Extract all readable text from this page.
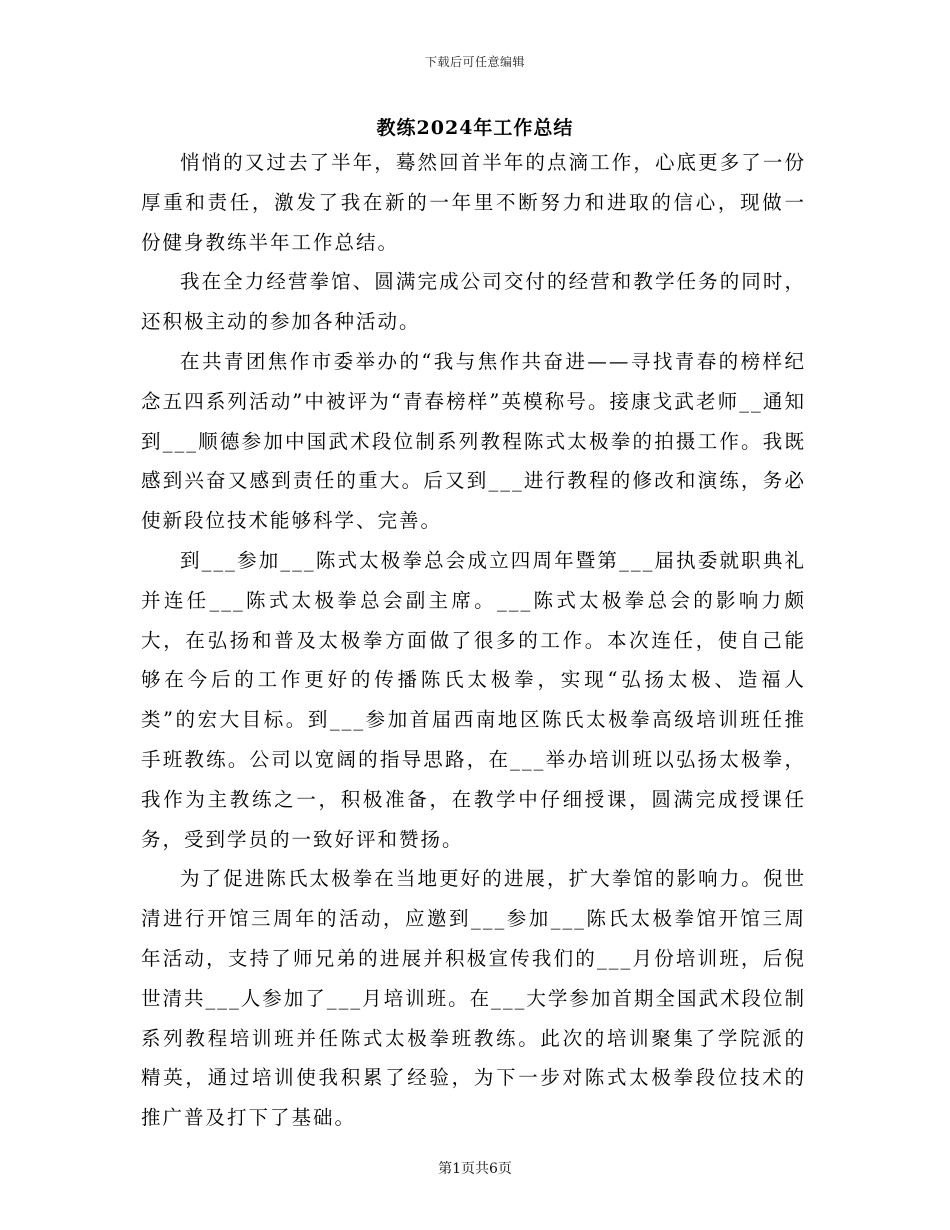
下载后可任意编辑
教练2024年工作总结

悄悄的又过去了半年，蓦然回首半年的点滴工作，心底更多了一份厚重和责任，激发了我在新的一年里不断努力和进取的信心，现做一份健身教练半年工作总结。

我在全力经营拳馆、圆满完成公司交付的经营和教学任务的同时，还积极主动的参加各种活动。

在共青团焦作市委举办的“我与焦作共奋进——寻找青春的榜样纪念五四系列活动”中被评为“青春榜样”英模称号。接康戈武老师__通知到___顺德参加中国武术段位制系列教程陈式太极拳的拍摄工作。我既感到兴奋又感到责任的重大。后又到___进行教程的修改和演练，务必使新段位技术能够科学、完善。

到___参加___陈式太极拳总会成立四周年暨第___届执委就职典礼并连任___陈式太极拳总会副主席。___陈式太极拳总会的影响力颇大，在弘扬和普及太极拳方面做了很多的工作。本次连任，使自己能够在今后的工作更好的传播陈氏太极拳，实现“弘扬太极、造福人类”的宏大目标。到___参加首届西南地区陈氏太极拳高级培训班任推手班教练。公司以宽阔的指导思路，在___举办培训班以弘扬太极拳，我作为主教练之一，积极准备，在教学中仔细授课，圆满完成授课任务，受到学员的一致好评和赞扬。

为了促进陈氏太极拳在当地更好的进展，扩大拳馆的影响力。倪世清进行开馆三周年的活动，应邀到___参加___陈氏太极拳馆开馆三周年活动，支持了师兄弟的进展并积极宣传我们的___月份培训班，后倪世清共___人参加了___月培训班。在___大学参加首期全国武术段位制系列教程培训班并任陈式太极拳班教练。此次的培训聚集了学院派的精英，通过培训使我积累了经验，为下一步对陈式太极拳段位技术的推广普及打下了基础。

第1页共6页
